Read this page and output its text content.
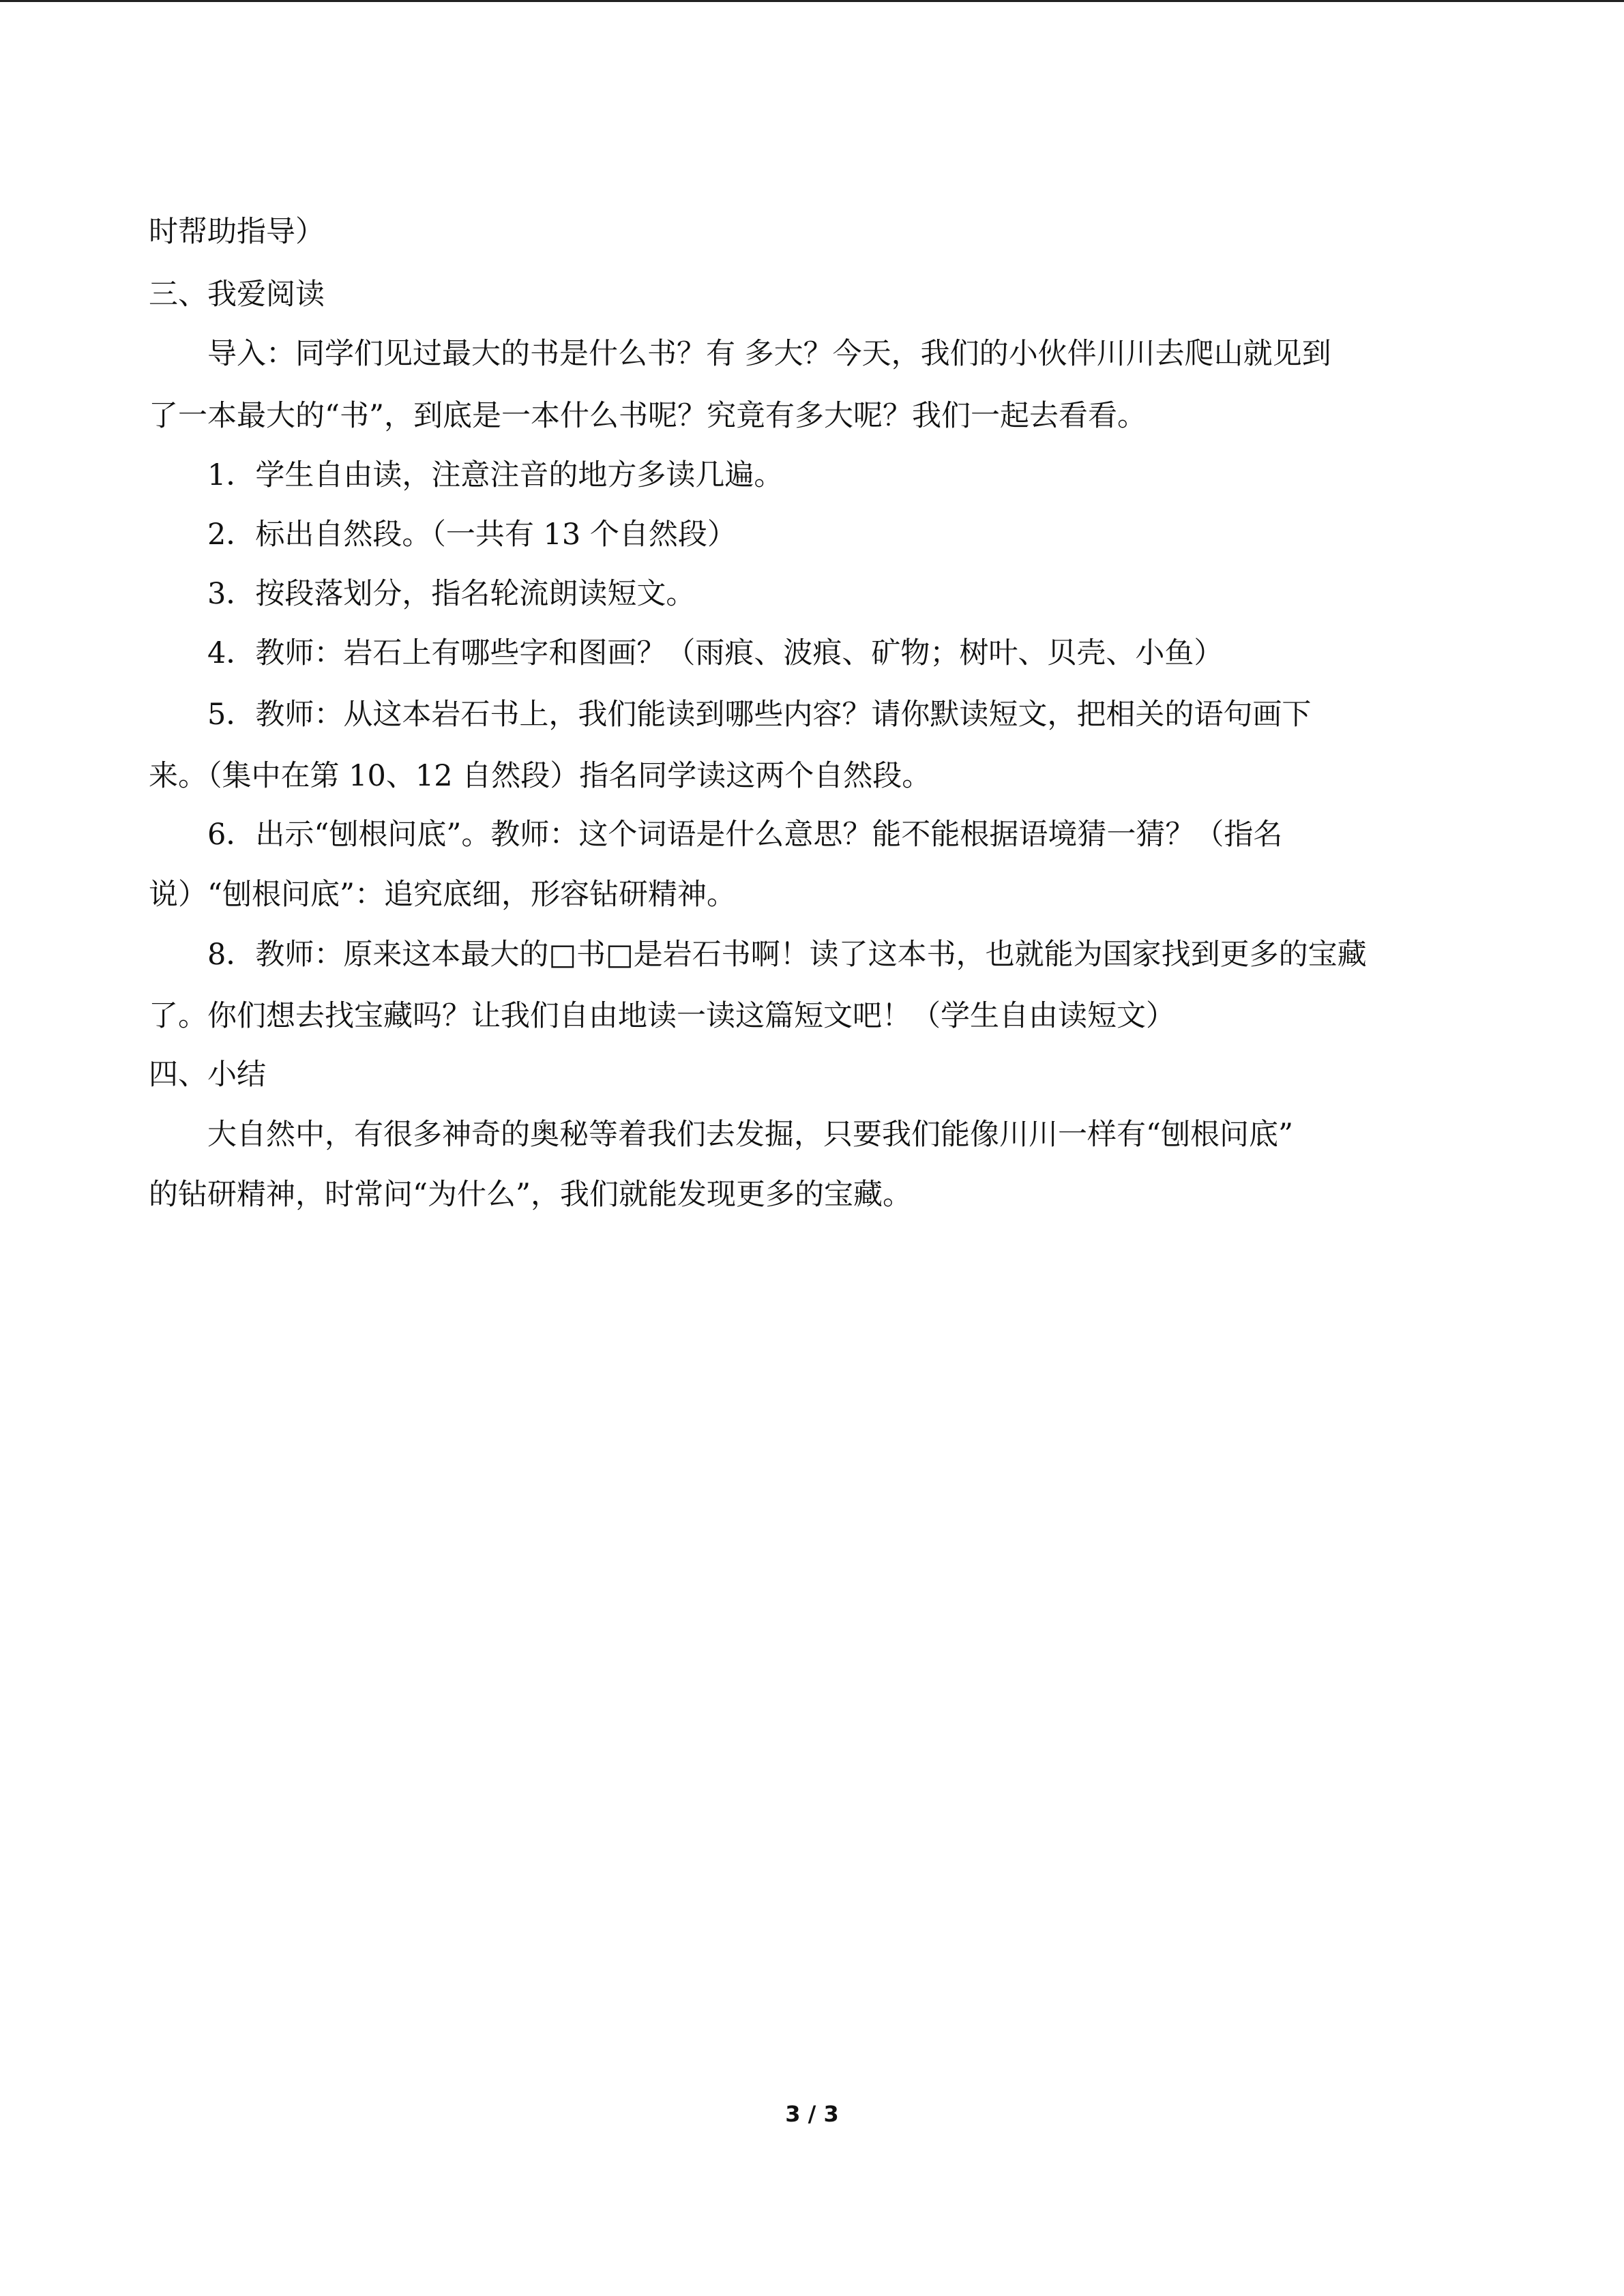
时帮助指导）
三、我爱阅读
导入：同学们见过最大的书是什么书？有 多大？今天，我们的小伙伴川川去爬山就见到
了一本最大的“书”，到底是一本什么书呢？究竟有多大呢？我们一起去看看。
1．学生自由读，注意注音的地方多读几遍。
2．标出自然段。（一共有 13 个自然段）
3．按段落划分，指名轮流朗读短文。
4．教师：岩石上有哪些字和图画？（雨痕、波痕、矿物；树叶、贝壳、小鱼）
5．教师：从这本岩石书上，我们能读到哪些内容？请你默读短文，把相关的语句画下
来。（集中在第 10、12 自然段）指名同学读这两个自然段。
6．出示“刨根问底”。教师：这个词语是什么意思？能不能根据语境猜一猜？（指名
说）“刨根问底”：追究底细，形容钻研精神。
8．教师：原来这本最大的□书□是岩石书啊！读了这本书，也就能为国家找到更多的宝藏
了。你们想去找宝藏吗？让我们自由地读一读这篇短文吧！（学生自由读短文）
四、小结
大自然中，有很多神奇的奥秘等着我们去发掘，只要我们能像川川一样有“刨根问底”
的钻研精神，时常问“为什么”，我们就能发现更多的宝藏。
3 / 3
